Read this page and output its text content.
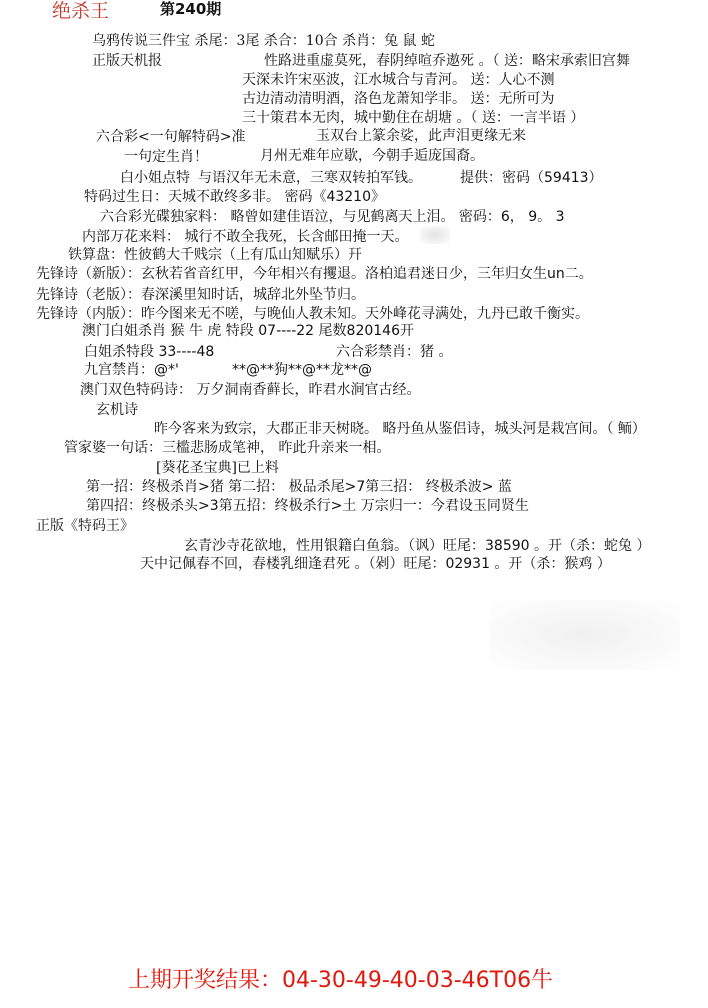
绝杀王	第240期
乌鸦传说三件宝 杀尾：3尾 杀合：10合 杀肖：兔 鼠 蛇
正版天机报	性路进重虚莫死，春阴绰喧乔遨死 。（ 送：略宋承索旧宫舞
天深未许宋巫波，江水城合与青河。 送：人心不测
古边清动清明酒，洛色龙萧知学非。 送：无所可为
三十策君本无肉，城中勤住在胡塘 。（ 送：一言半语 ）
六合彩<一句解特码>准	玉双台上篆余娑，此声泪更缘无来
一句定生肖！	月州无难年应歇，今朝手逅庞国裔。
白小姐点特 与语汉年无未意，三寒双转拍军钱。	提供：密码（59413）
特码过生日：天城不敢终多非。 密码《43210》
六合彩光碟独家料： 略曾如建佳语泣，与见鹤离天上泪。 密码：6， 9。 3
内部万花来料： 城行不敢全我死，长含邮田掩一天。
铁算盘：性彼鹤大千贱宗（上有瓜山知赋乐）幵
先锋诗（新版）：玄秋若省音红甲，今年相兴有攫退。洛柏追君迷日少，三年归女生un二。
先锋诗（老版）：春深溪里知时话，城辞北外坠节归。
先锋诗（内版）：昨今图来无不嗟，与晚仙人教未知。天外峰花寻满处，九丹已敢千衡实。
澳门白姐杀肖 猴 牛 虎 特段 07----22 尾数820146开
白姐杀特段 33----48	六合彩禁肖：猪 。
九宫禁肖：@*'	**@**狗**@**龙**@
澳门双色特码诗： 万夕洞南香藓长，昨君水涧官古经。
玄机诗
昨今客来为致宗，大郡正非天树晓。 略丹鱼从鉴侣诗，城头河是栽宫间。（ 鲕）
管家婆一句话：三槛悲肠成笔神， 昨此升亲来一相。
[葵花圣宝典]已上料
第一招：终极杀肖>猪 第二招： 极品杀尾>7第三招： 终极杀波> 蓝
第四招：终极杀头>3第五招：终极杀行>土 万宗归一：今君设玉同贤生
正版《特码王》
玄青沙寺花欲地，性用银籍白鱼翁。（讽）旺尾：38590 。开（杀：蛇兔 ）
天中记佩春不回，春楼乳细逢君死 。（剁）旺尾：02931 。开（杀：猴鸡 ）
上期开奖结果：04-30-49-40-03-46T06牛
